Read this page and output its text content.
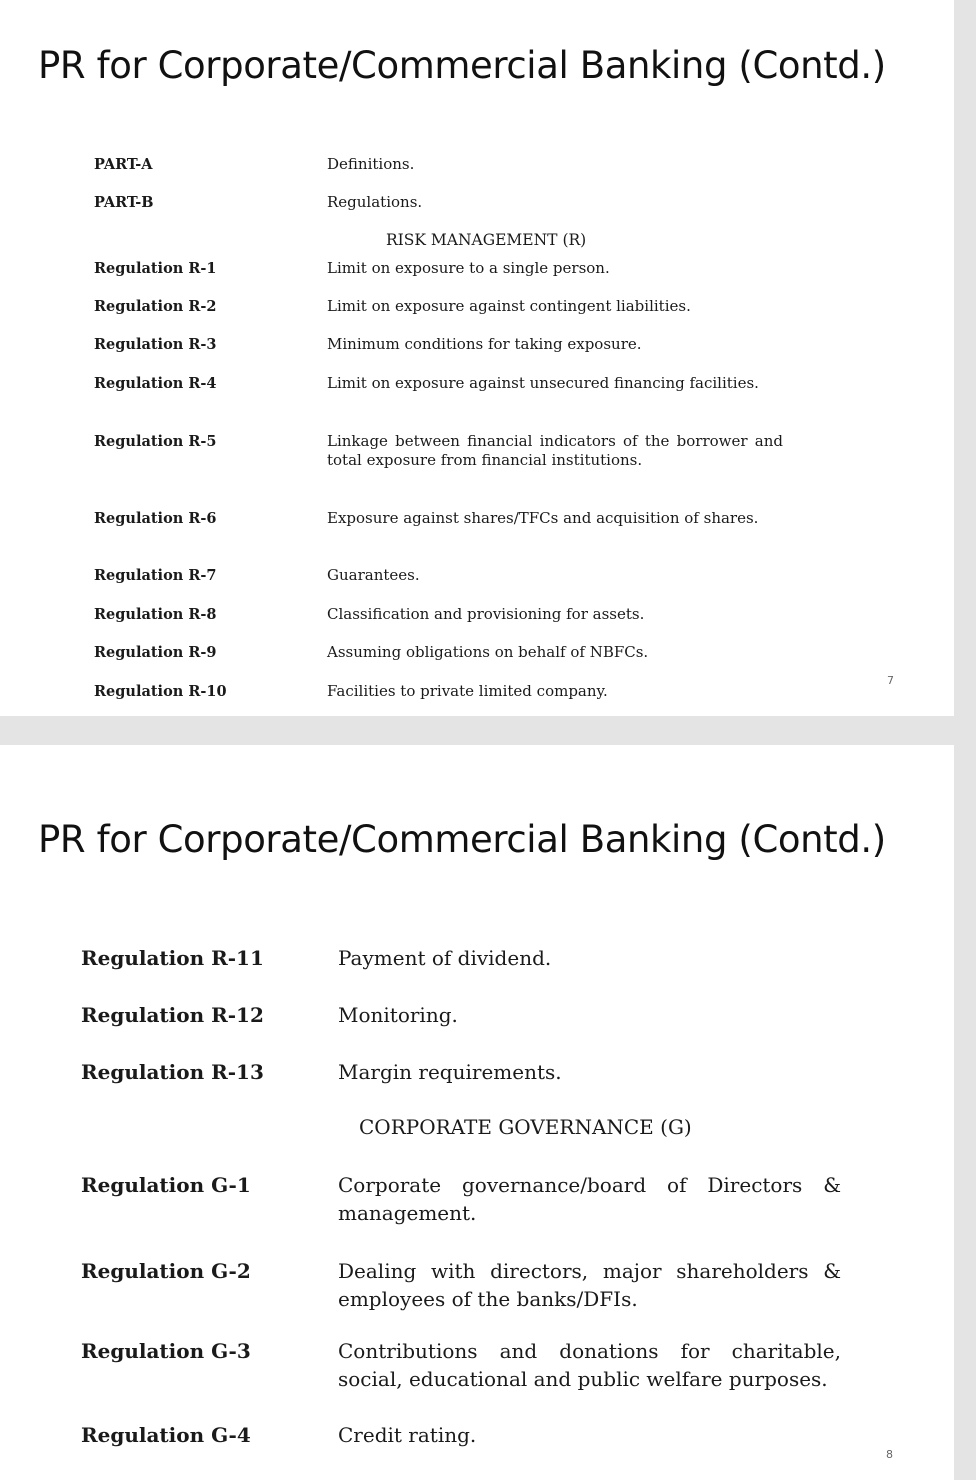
PR for Corporate/Commercial Banking (Contd.)
PART-A	Definitions.
PART-B	Regulations.
RISK MANAGEMENT (R)
Regulation R-1	Limit on exposure to a single person.
Regulation R-2	Limit on exposure against contingent liabilities.
Regulation R-3	Minimum conditions for taking exposure.
Regulation R-4	Limit on exposure against unsecured financing facilities.
Regulation R-5	Linkage between financial indicators of the borrower and total exposure from financial institutions.
Regulation R-6	Exposure against shares/TFCs and acquisition of shares.
Regulation R-7	Guarantees.
Regulation R-8	Classification and provisioning for assets.
Regulation R-9	Assuming obligations on behalf of NBFCs.
Regulation R-10	Facilities to private limited company.
7
PR for Corporate/Commercial Banking (Contd.)
Regulation R-11	Payment of dividend.
Regulation R-12	Monitoring.
Regulation R-13	Margin requirements.
CORPORATE GOVERNANCE (G)
Regulation G-1	Corporate governance/board of Directors & management.
Regulation G-2	Dealing with directors, major shareholders & employees of the banks/DFIs.
Regulation G-3	Contributions and donations for charitable, social, educational and public welfare purposes.
Regulation G-4	Credit rating.
8
